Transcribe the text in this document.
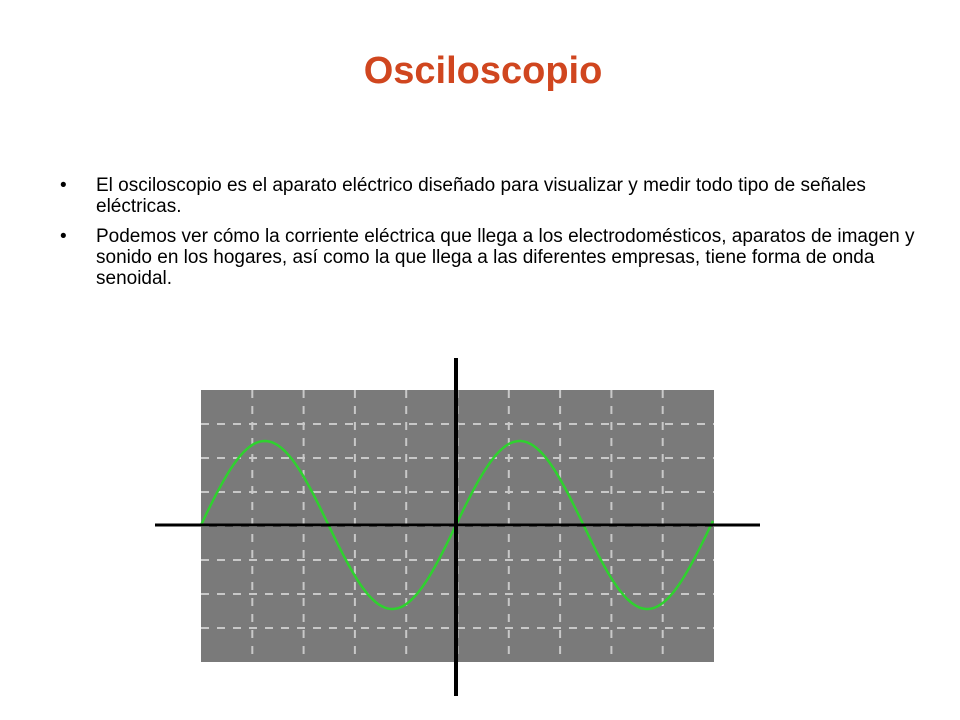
Osciloscopio
• El osciloscopio es el aparato eléctrico diseñado para visualizar y medir todo tipo de señales eléctricas.
• Podemos ver cómo la corriente eléctrica que llega a los electrodomésticos, aparatos de imagen y sonido en los hogares, así como la que llega a las diferentes empresas, tiene forma de onda senoidal.
